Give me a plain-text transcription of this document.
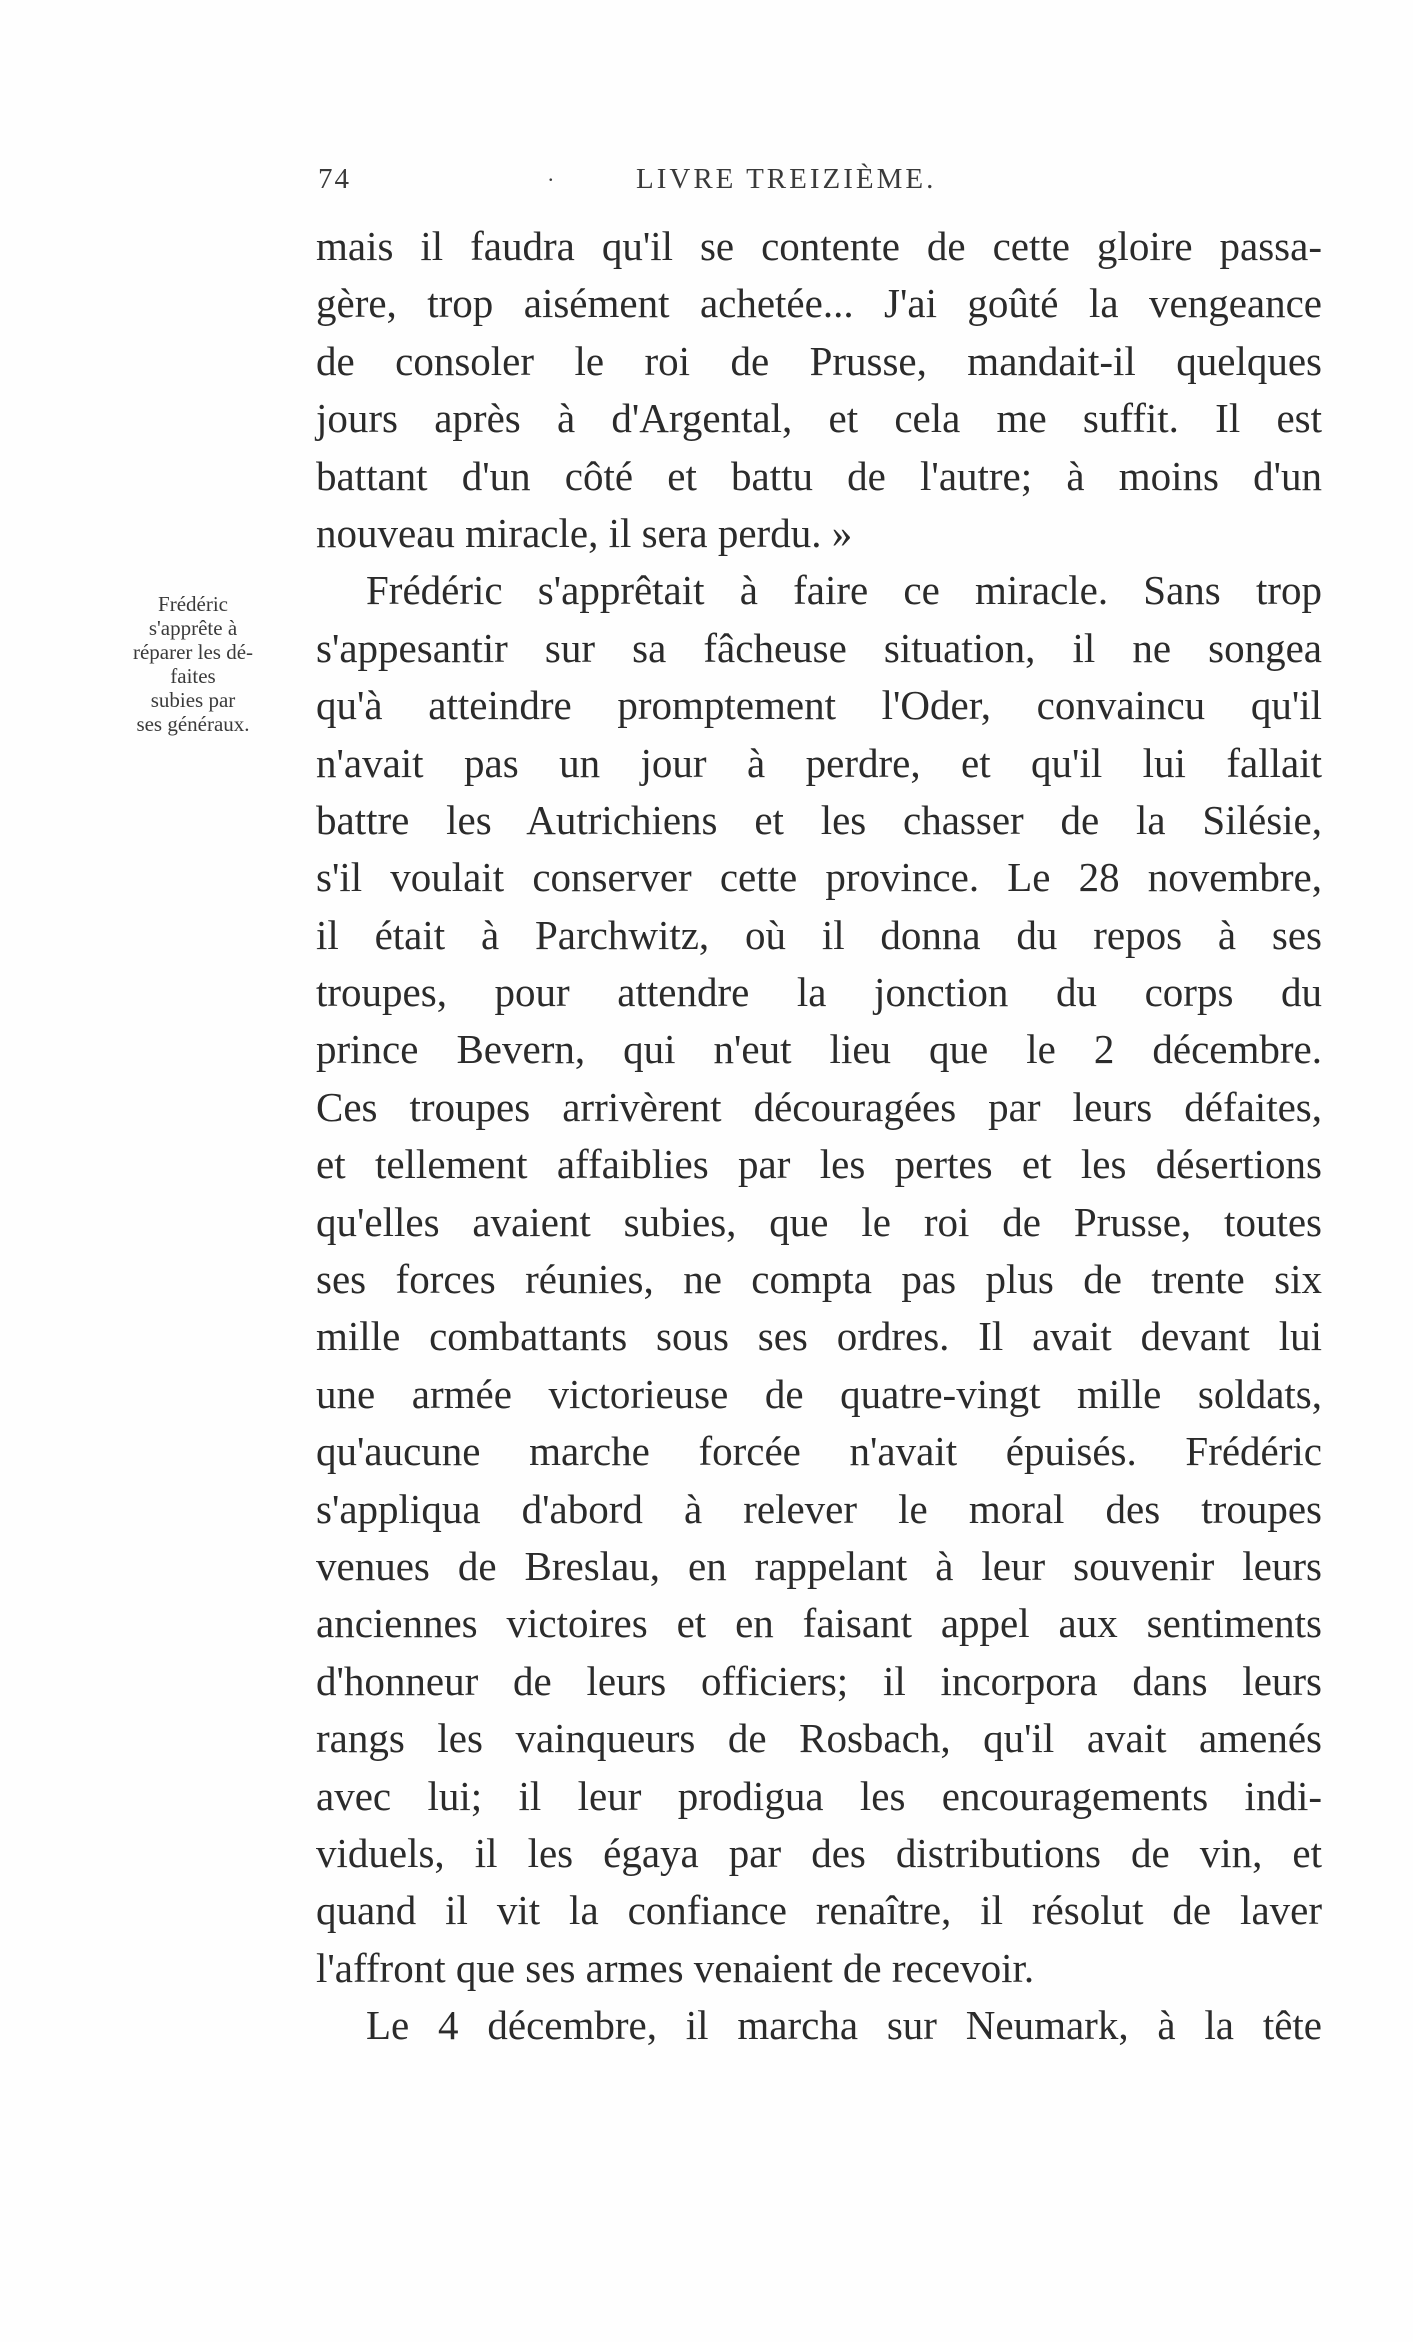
74	.	LIVRE TREIZIÈME.
Frédéric
s'apprête à
réparer les dé-
faites
subies par
ses généraux.
mais il faudra qu'il se contente de cette gloire passa-
gère, trop aisément achetée... J'ai goûté la vengeance
de consoler le roi de Prusse, mandait-il quelques
jours après à d'Argental, et cela me suffit. Il est
battant d'un côté et battu de l'autre; à moins d'un
nouveau miracle, il sera perdu. »
Frédéric s'apprêtait à faire ce miracle. Sans trop
s'appesantir sur sa fâcheuse situation, il ne songea
qu'à atteindre promptement l'Oder, convaincu qu'il
n'avait pas un jour à perdre, et qu'il lui fallait
battre les Autrichiens et les chasser de la Silésie,
s'il voulait conserver cette province. Le 28 novembre,
il était à Parchwitz, où il donna du repos à ses
troupes, pour attendre la jonction du corps du
prince Bevern, qui n'eut lieu que le 2 décembre.
Ces troupes arrivèrent découragées par leurs défaites,
et tellement affaiblies par les pertes et les désertions
qu'elles avaient subies, que le roi de Prusse, toutes
ses forces réunies, ne compta pas plus de trente six
mille combattants sous ses ordres. Il avait devant lui
une armée victorieuse de quatre-vingt mille soldats,
qu'aucune marche forcée n'avait épuisés. Frédéric
s'appliqua d'abord à relever le moral des troupes
venues de Breslau, en rappelant à leur souvenir leurs
anciennes victoires et en faisant appel aux sentiments
d'honneur de leurs officiers; il incorpora dans leurs
rangs les vainqueurs de Rosbach, qu'il avait amenés
avec lui; il leur prodigua les encouragements indi-
viduels, il les égaya par des distributions de vin, et
quand il vit la confiance renaître, il résolut de laver
l'affront que ses armes venaient de recevoir.
Le 4 décembre, il marcha sur Neumark, à la tête
